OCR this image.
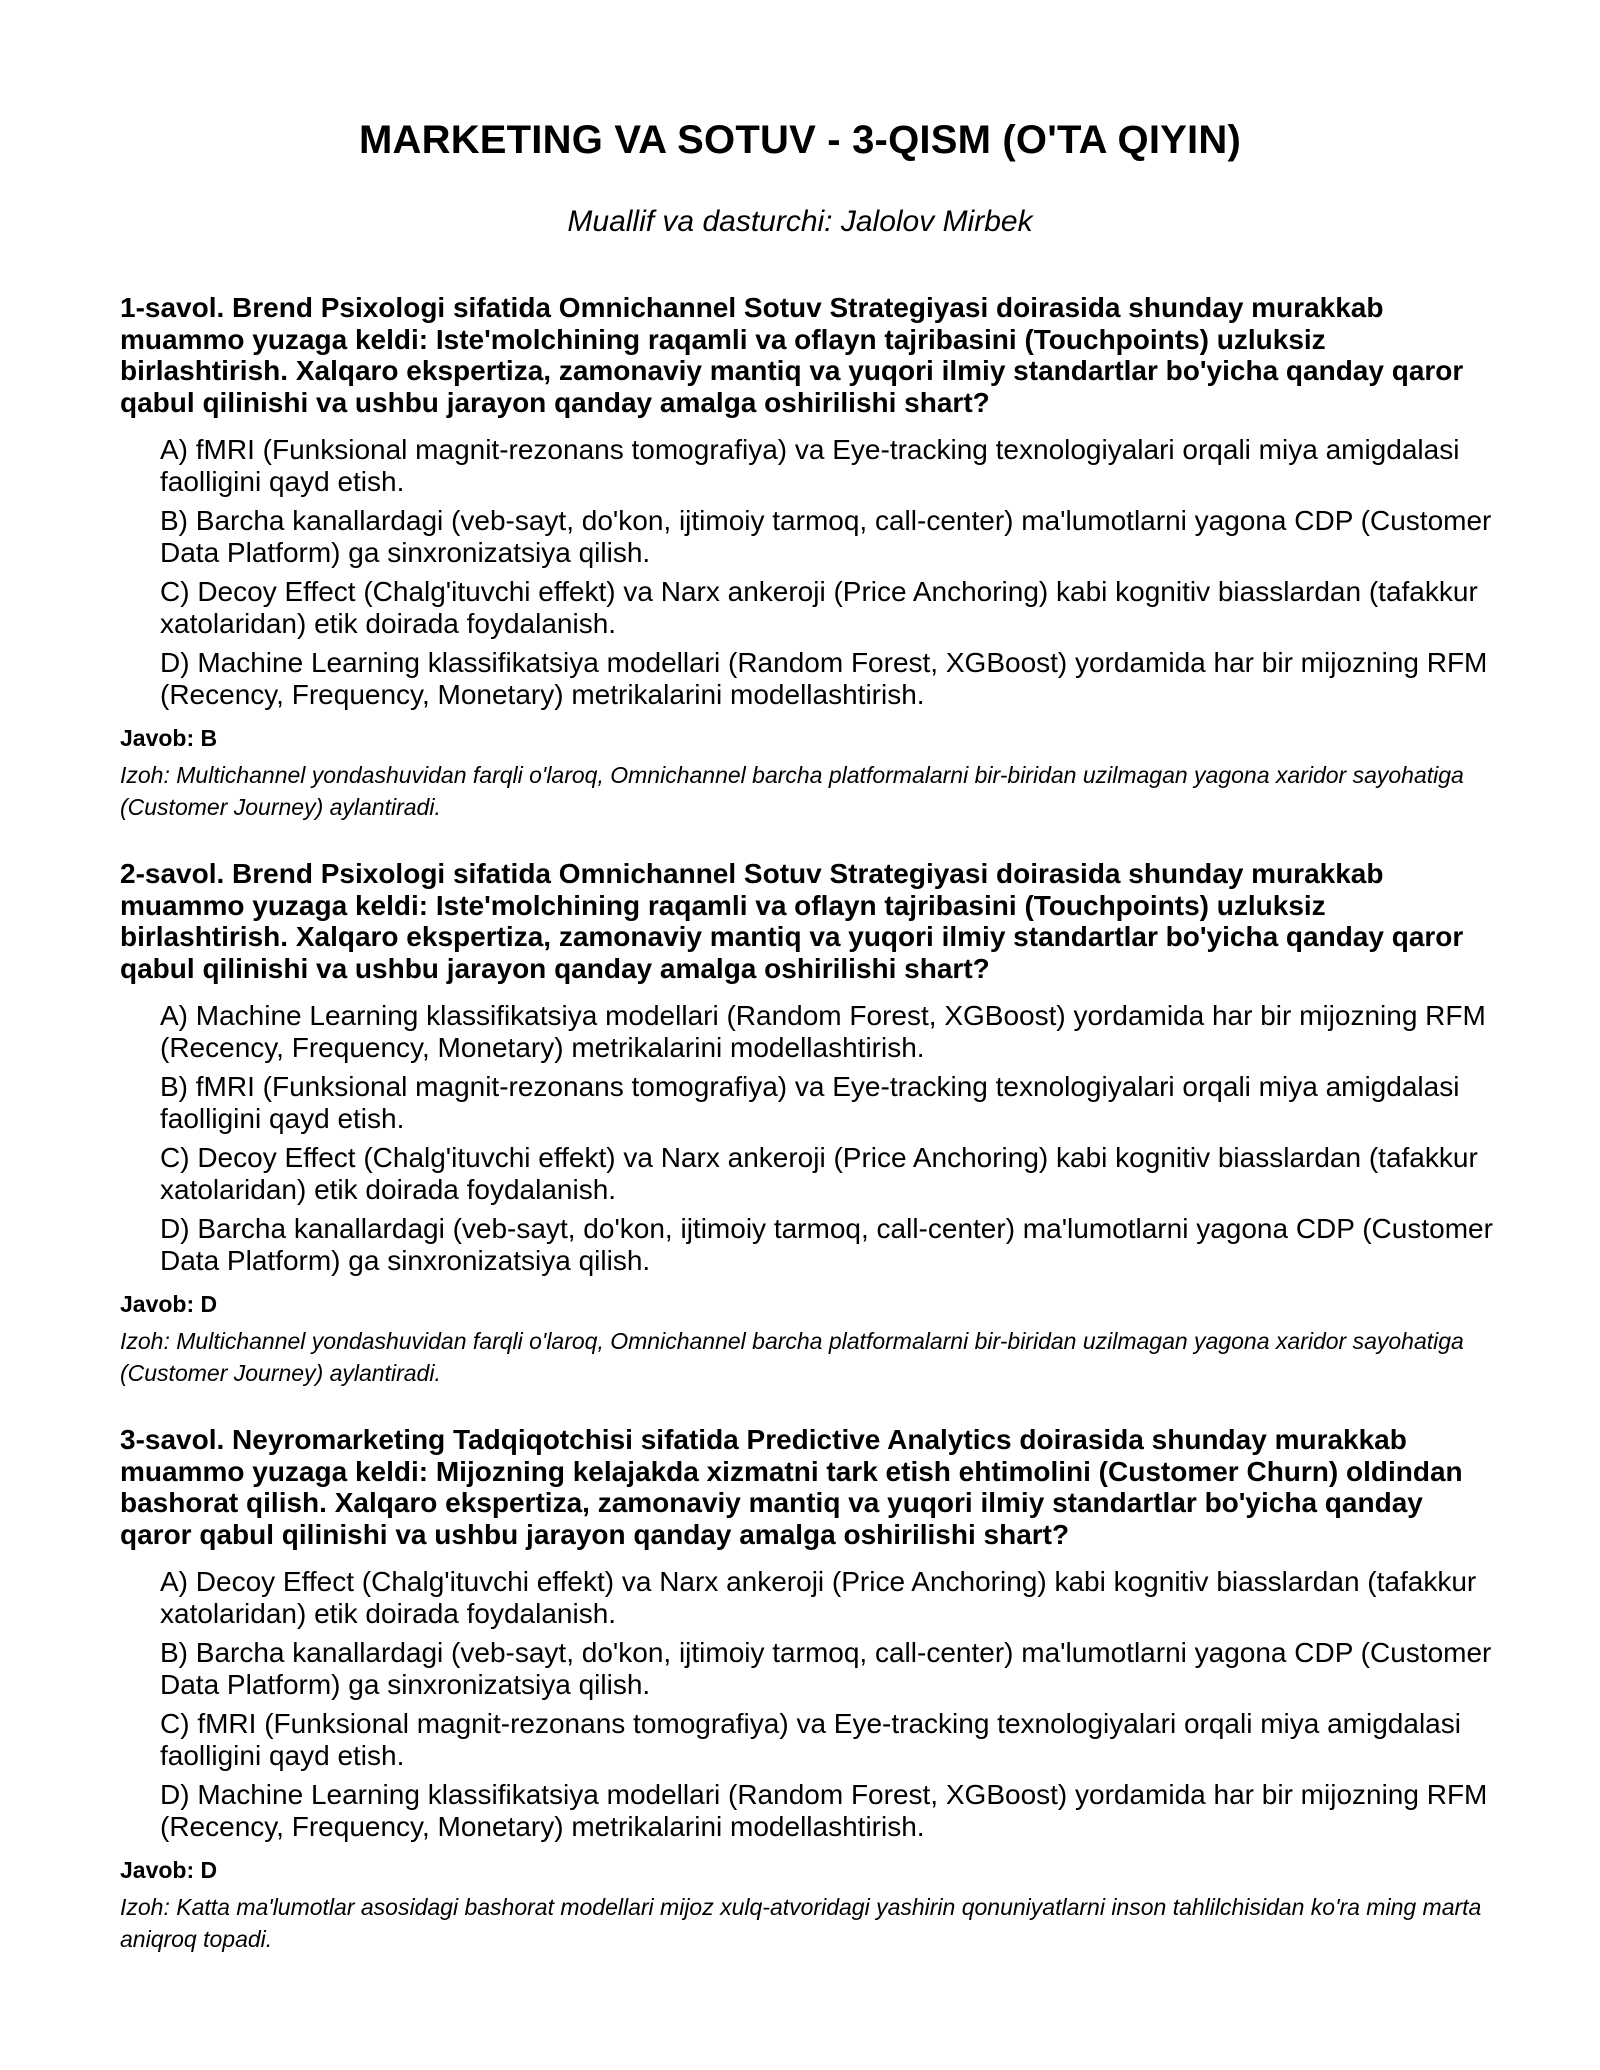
MARKETING VA SOTUV - 3-QISM (O'TA QIYIN)
Muallif va dasturchi: Jalolov Mirbek

1-savol. Brend Psixologi sifatida Omnichannel Sotuv Strategiyasi doirasida shunday murakkab muammo yuzaga keldi: Iste'molchining raqamli va oflayn tajribasini (Touchpoints) uzluksiz birlashtirish. Xalqaro ekspertiza, zamonaviy mantiq va yuqori ilmiy standartlar bo'yicha qanday qaror qabul qilinishi va ushbu jarayon qanday amalga oshirilishi shart?

A) fMRI (Funksional magnit-rezonans tomografiya) va Eye-tracking texnologiyalari orqali miya amigdalasi faolligini qayd etish.
B) Barcha kanallardagi (veb-sayt, do'kon, ijtimoiy tarmoq, call-center) ma'lumotlarni yagona CDP (Customer Data Platform) ga sinxronizatsiya qilish.
C) Decoy Effect (Chalg'ituvchi effekt) va Narx ankeroji (Price Anchoring) kabi kognitiv biasslardan (tafakkur xatolaridan) etik doirada foydalanish.
D) Machine Learning klassifikatsiya modellari (Random Forest, XGBoost) yordamida har bir mijozning RFM (Recency, Frequency, Monetary) metrikalarini modellashtirish.

Javob: B

Izoh: Multichannel yondashuvidan farqli o'laroq, Omnichannel barcha platformalarni bir-biridan uzilmagan yagona xaridor sayohatiga (Customer Journey) aylantiradi.

2-savol. Brend Psixologi sifatida Omnichannel Sotuv Strategiyasi doirasida shunday murakkab muammo yuzaga keldi: Iste'molchining raqamli va oflayn tajribasini (Touchpoints) uzluksiz birlashtirish. Xalqaro ekspertiza, zamonaviy mantiq va yuqori ilmiy standartlar bo'yicha qanday qaror qabul qilinishi va ushbu jarayon qanday amalga oshirilishi shart?

A) Machine Learning klassifikatsiya modellari (Random Forest, XGBoost) yordamida har bir mijozning RFM (Recency, Frequency, Monetary) metrikalarini modellashtirish.
B) fMRI (Funksional magnit-rezonans tomografiya) va Eye-tracking texnologiyalari orqali miya amigdalasi faolligini qayd etish.
C) Decoy Effect (Chalg'ituvchi effekt) va Narx ankeroji (Price Anchoring) kabi kognitiv biasslardan (tafakkur xatolaridan) etik doirada foydalanish.
D) Barcha kanallardagi (veb-sayt, do'kon, ijtimoiy tarmoq, call-center) ma'lumotlarni yagona CDP (Customer Data Platform) ga sinxronizatsiya qilish.

Javob: D

Izoh: Multichannel yondashuvidan farqli o'laroq, Omnichannel barcha platformalarni bir-biridan uzilmagan yagona xaridor sayohatiga (Customer Journey) aylantiradi.

3-savol. Neyromarketing Tadqiqotchisi sifatida Predictive Analytics doirasida shunday murakkab muammo yuzaga keldi: Mijozning kelajakda xizmatni tark etish ehtimolini (Customer Churn) oldindan bashorat qilish. Xalqaro ekspertiza, zamonaviy mantiq va yuqori ilmiy standartlar bo'yicha qanday qaror qabul qilinishi va ushbu jarayon qanday amalga oshirilishi shart?

A) Decoy Effect (Chalg'ituvchi effekt) va Narx ankeroji (Price Anchoring) kabi kognitiv biasslardan (tafakkur xatolaridan) etik doirada foydalanish.
B) Barcha kanallardagi (veb-sayt, do'kon, ijtimoiy tarmoq, call-center) ma'lumotlarni yagona CDP (Customer Data Platform) ga sinxronizatsiya qilish.
C) fMRI (Funksional magnit-rezonans tomografiya) va Eye-tracking texnologiyalari orqali miya amigdalasi faolligini qayd etish.
D) Machine Learning klassifikatsiya modellari (Random Forest, XGBoost) yordamida har bir mijozning RFM (Recency, Frequency, Monetary) metrikalarini modellashtirish.

Javob: D

Izoh: Katta ma'lumotlar asosidagi bashorat modellari mijoz xulq-atvoridagi yashirin qonuniyatlarni inson tahlilchisidan ko'ra ming marta aniqroq topadi.
